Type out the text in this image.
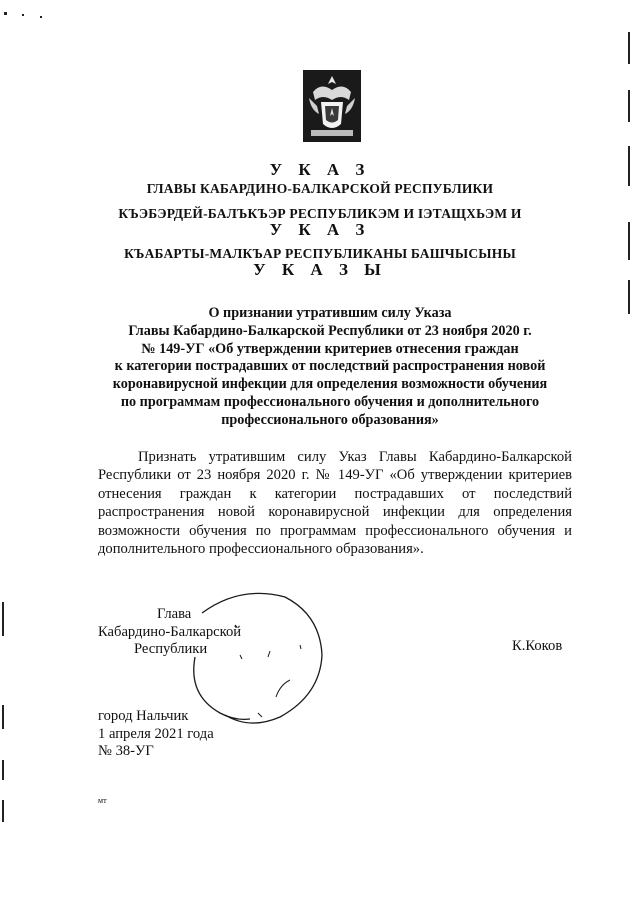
У К А З
ГЛАВЫ КАБАРДИНО-БАЛКАРСКОЙ РЕСПУБЛИКИ
КЪЭБЭРДЕЙ-БАЛЪКЪЭР РЕСПУБЛИКЭМ И ІЭТАЩХЬЭМ И
У К А З
КЪАБАРТЫ-МАЛКЪАР РЕСПУБЛИКАНЫ БАШЧЫСЫНЫ
У К А З Ы
О признании утратившим силу Указа
Главы Кабардино-Балкарской Республики от 23 ноября 2020 г.
№ 149-УГ «Об утверждении критериев отнесения граждан
к категории пострадавших от последствий распространения новой
коронавирусной инфекции для определения возможности обучения
по программам профессионального обучения и дополнительного
профессионального образования»

Признать утратившим силу Указ Главы Кабардино-Балкарской Республики от 23 ноября 2020 г. № 149-УГ «Об утверждении критериев отнесения граждан к категории пострадавших от последствий распространения новой коронавирусной инфекции для определения возможности обучения по программам профессионального обучения и дополнительного профессионального образования».

Глава
Кабардино-Балкарской
Республики	К.Коков
город Нальчик
1 апреля 2021 года
№ 38-УГ
мт
